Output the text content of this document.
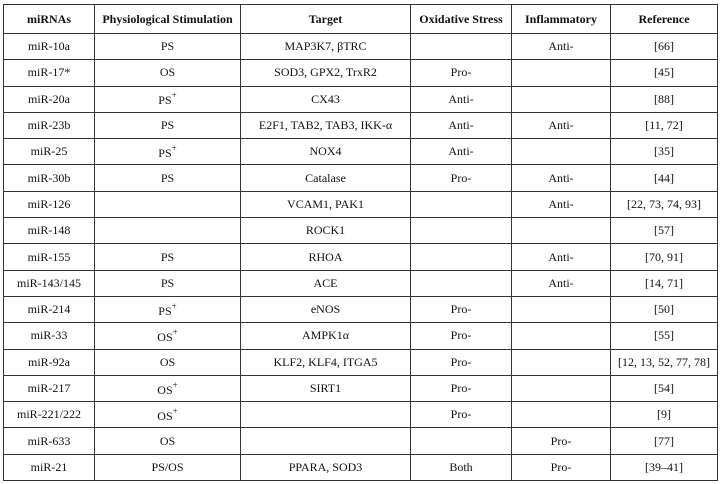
miRNAs	Physiological Stimulation	Target	Oxidative Stress	Inflammatory	Reference
miR-10a	PS	MAP3K7, βTRC		Anti-	[66]
miR-17*	OS	SOD3, GPX2, TrxR2	Pro-		[45]
miR-20a	PS+	CX43	Anti-		[88]
miR-23b	PS	E2F1, TAB2, TAB3, IKK-α	Anti-	Anti-	[11, 72]
miR-25	PS+	NOX4	Anti-		[35]
miR-30b	PS	Catalase	Pro-	Anti-	[44]
miR-126		VCAM1, PAK1		Anti-	[22, 73, 74, 93]
miR-148		ROCK1			[57]
miR-155	PS	RHOA		Anti-	[70, 91]
miR-143/145	PS	ACE		Anti-	[14, 71]
miR-214	PS+	eNOS	Pro-		[50]
miR-33	OS+	AMPK1α	Pro-		[55]
miR-92a	OS	KLF2, KLF4, ITGA5	Pro-		[12, 13, 52, 77, 78]
miR-217	OS+	SIRT1	Pro-		[54]
miR-221/222	OS+		Pro-		[9]
miR-633	OS			Pro-	[77]
miR-21	PS/OS	PPARA, SOD3	Both	Pro-	[39–41]
